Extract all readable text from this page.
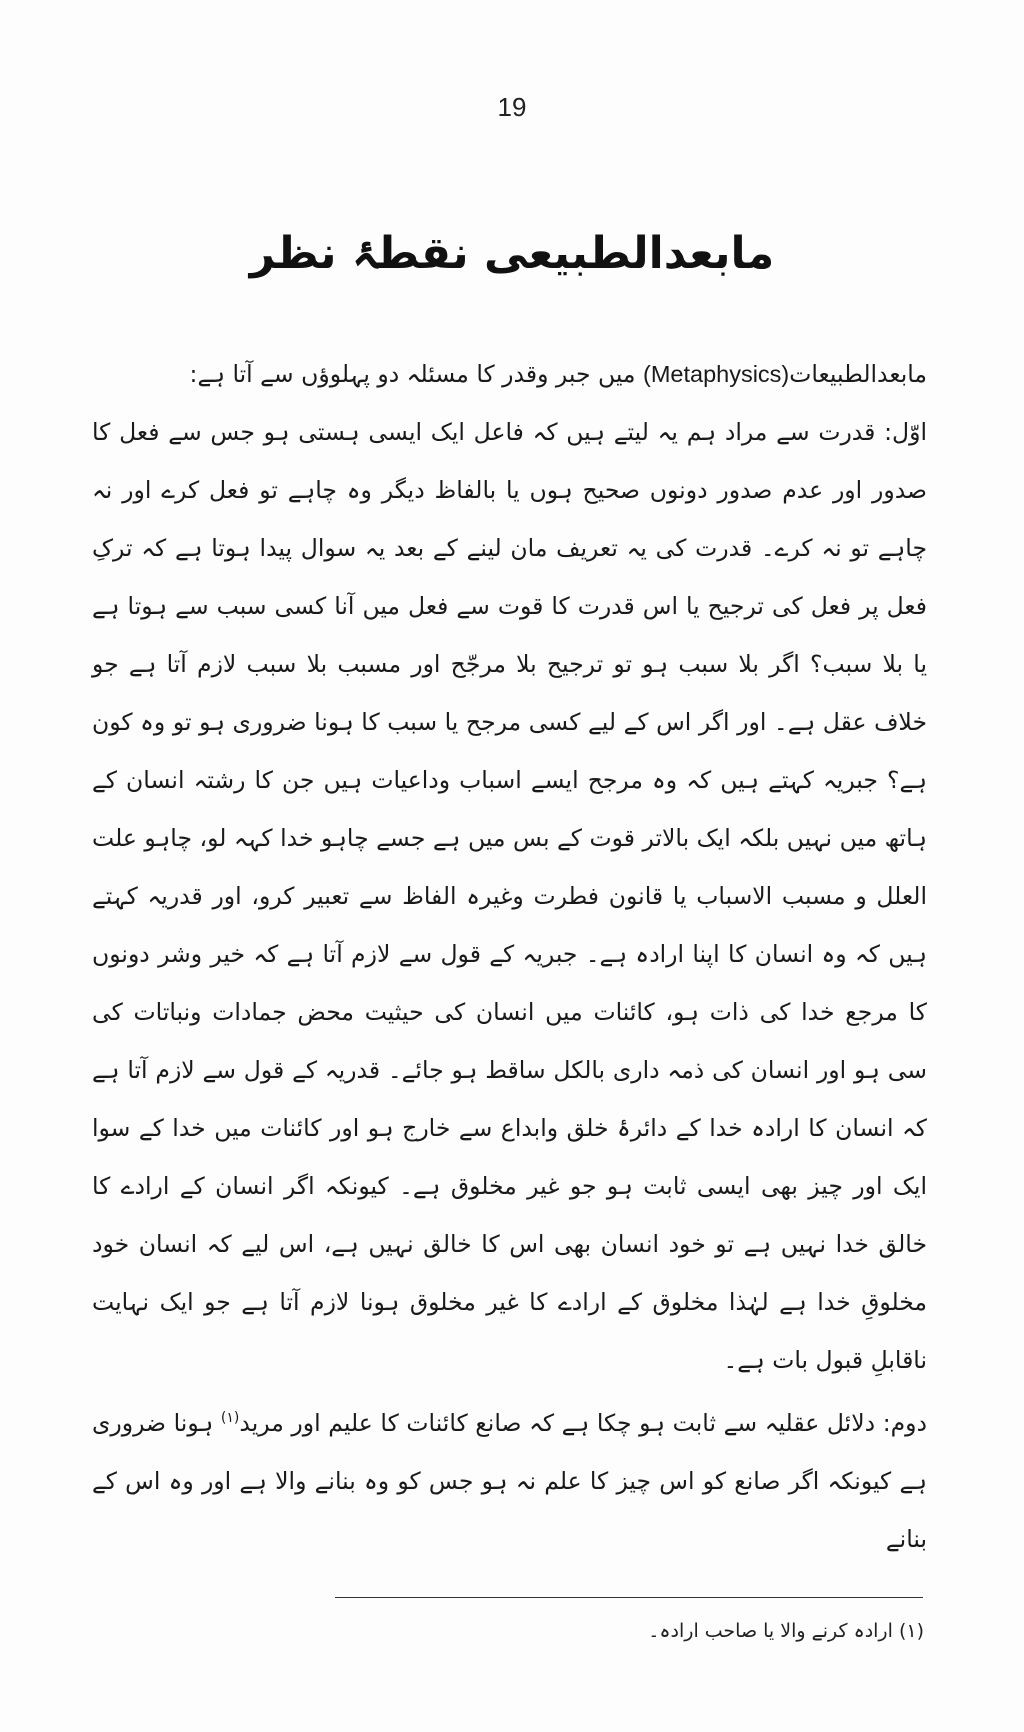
19
مابعدالطبیعی نقطۂ نظر

مابعدالطبیعات(Metaphysics) میں جبر وقدر کا مسئلہ دو پہلوؤں سے آتا ہے:

اوّل: قدرت سے مراد ہم یہ لیتے ہیں کہ فاعل ایک ایسی ہستی ہو جس سے فعل کا صدور اور عدم صدور دونوں صحیح ہوں یا بالفاظ دیگر وہ چاہے تو فعل کرے اور نہ چاہے تو نہ کرے۔ قدرت کی یہ تعریف مان لینے کے بعد یہ سوال پیدا ہوتا ہے کہ ترکِ فعل پر فعل کی ترجیح یا اس قدرت کا قوت سے فعل میں آنا کسی سبب سے ہوتا ہے یا بلا سبب؟ اگر بلا سبب ہو تو ترجیح بلا مرجّح اور مسبب بلا سبب لازم آتا ہے جو خلاف عقل ہے۔ اور اگر اس کے لیے کسی مرجح یا سبب کا ہونا ضروری ہو تو وہ کون ہے؟ جبریہ کہتے ہیں کہ وہ مرجح ایسے اسباب وداعیات ہیں جن کا رشتہ انسان کے ہاتھ میں نہیں بلکہ ایک بالاتر قوت کے بس میں ہے جسے چاہو خدا کہہ لو، چاہو علت العلل و مسبب الاسباب یا قانون فطرت وغیرہ الفاظ سے تعبیر کرو، اور قدریہ کہتے ہیں کہ وہ انسان کا اپنا ارادہ ہے۔ جبریہ کے قول سے لازم آتا ہے کہ خیر وشر دونوں کا مرجع خدا کی ذات ہو، کائنات میں انسان کی حیثیت محض جمادات ونباتات کی سی ہو اور انسان کی ذمہ داری بالکل ساقط ہو جائے۔ قدریہ کے قول سے لازم آتا ہے کہ انسان کا ارادہ خدا کے دائرۂ خلق وابداع سے خارج ہو اور کائنات میں خدا کے سوا ایک اور چیز بھی ایسی ثابت ہو جو غیر مخلوق ہے۔ کیونکہ اگر انسان کے ارادے کا خالق خدا نہیں ہے تو خود انسان بھی اس کا خالق نہیں ہے، اس لیے کہ انسان خود مخلوقِ خدا ہے لہٰذا مخلوق کے ارادے کا غیر مخلوق ہونا لازم آتا ہے جو ایک نہایت ناقابلِ قبول بات ہے۔

دوم: دلائل عقلیہ سے ثابت ہو چکا ہے کہ صانع کائنات کا علیم اور مرید$^{(۱)}$ ہونا ضروری ہے کیونکہ اگر صانع کو اس چیز کا علم نہ ہو جس کو وہ بنانے والا ہے اور وہ اس کے بنانے

(۱) ارادہ کرنے والا یا صاحب ارادہ۔
